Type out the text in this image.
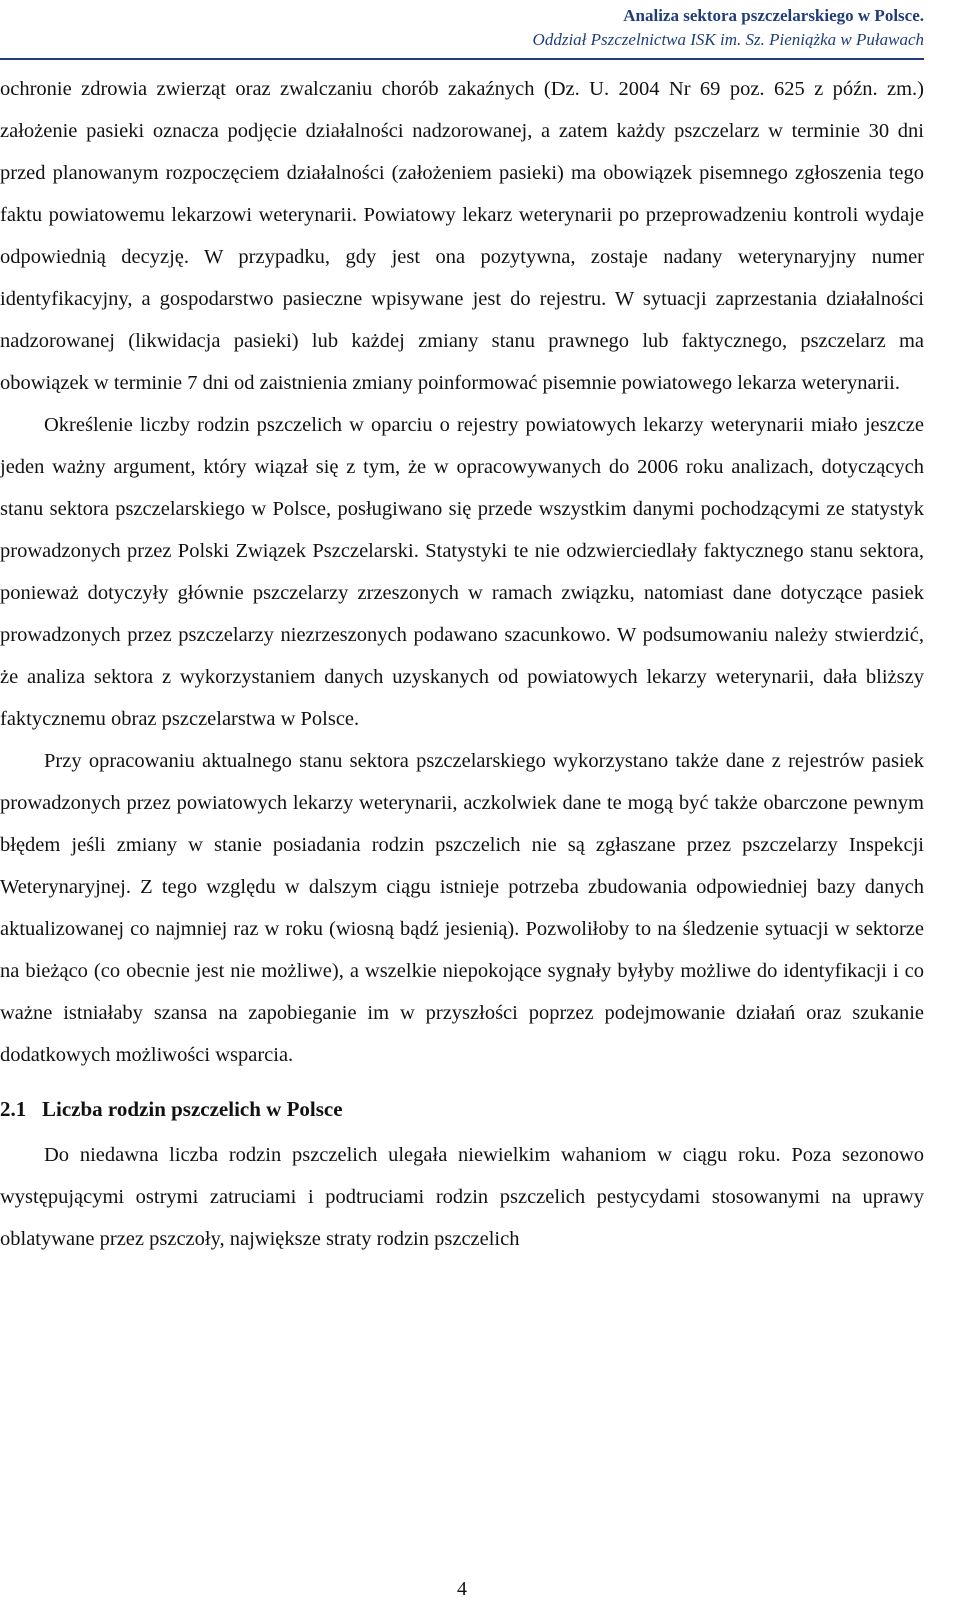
Analiza sektora pszczelarskiego w Polsce.
Oddział Pszczelnictwa ISK im. Sz. Pieniążka w Puławach

ochronie zdrowia zwierząt oraz zwalczaniu chorób zakaźnych (Dz. U. 2004 Nr 69 poz. 625 z późn. zm.) założenie pasieki oznacza podjęcie działalności nadzorowanej, a zatem każdy pszczelarz w terminie 30 dni przed planowanym rozpoczęciem działalności (założeniem pasieki) ma obowiązek pisemnego zgłoszenia tego faktu powiatowemu lekarzowi weterynarii. Powiatowy lekarz weterynarii po przeprowadzeniu kontroli wydaje odpowiednią decyzję. W przypadku, gdy jest ona pozytywna, zostaje nadany weterynaryjny numer identyfikacyjny, a gospodarstwo pasieczne wpisywane jest do rejestru. W sytuacji zaprzestania działalności nadzorowanej (likwidacja pasieki) lub każdej zmiany stanu prawnego lub faktycznego, pszczelarz ma obowiązek w terminie 7 dni od zaistnienia zmiany poinformować pisemnie powiatowego lekarza weterynarii.

Określenie liczby rodzin pszczelich w oparciu o rejestry powiatowych lekarzy weterynarii miało jeszcze jeden ważny argument, który wiązał się z tym, że w opracowywanych do 2006 roku analizach, dotyczących stanu sektora pszczelarskiego w Polsce, posługiwano się przede wszystkim danymi pochodzącymi ze statystyk prowadzonych przez Polski Związek Pszczelarski. Statystyki te nie odzwierciedlały faktycznego stanu sektora, ponieważ dotyczyły głównie pszczelarzy zrzeszonych w ramach związku, natomiast dane dotyczące pasiek prowadzonych przez pszczelarzy niezrzeszonych podawano szacunkowo. W podsumowaniu należy stwierdzić, że analiza sektora z wykorzystaniem danych uzyskanych od powiatowych lekarzy weterynarii, dała bliższy faktycznemu obraz pszczelarstwa w Polsce.

Przy opracowaniu aktualnego stanu sektora pszczelarskiego wykorzystano także dane z rejestrów pasiek prowadzonych przez powiatowych lekarzy weterynarii, aczkolwiek dane te mogą być także obarczone pewnym błędem jeśli zmiany w stanie posiadania rodzin pszczelich nie są zgłaszane przez pszczelarzy Inspekcji Weterynaryjnej. Z tego względu w dalszym ciągu istnieje potrzeba zbudowania odpowiedniej bazy danych aktualizowanej co najmniej raz w roku (wiosną bądź jesienią). Pozwoliłoby to na śledzenie sytuacji w sektorze na bieżąco (co obecnie jest nie możliwe), a wszelkie niepokojące sygnały byłyby możliwe do identyfikacji i co ważne istniałaby szansa na zapobieganie im w przyszłości poprzez podejmowanie działań oraz szukanie dodatkowych możliwości wsparcia.

2.1 Liczba rodzin pszczelich w Polsce

Do niedawna liczba rodzin pszczelich ulegała niewielkim wahaniom w ciągu roku. Poza sezonowo występującymi ostrymi zatruciami i podtruciami rodzin pszczelich pestycydami stosowanymi na uprawy oblatywane przez pszczoły, największe straty rodzin pszczelich

4
